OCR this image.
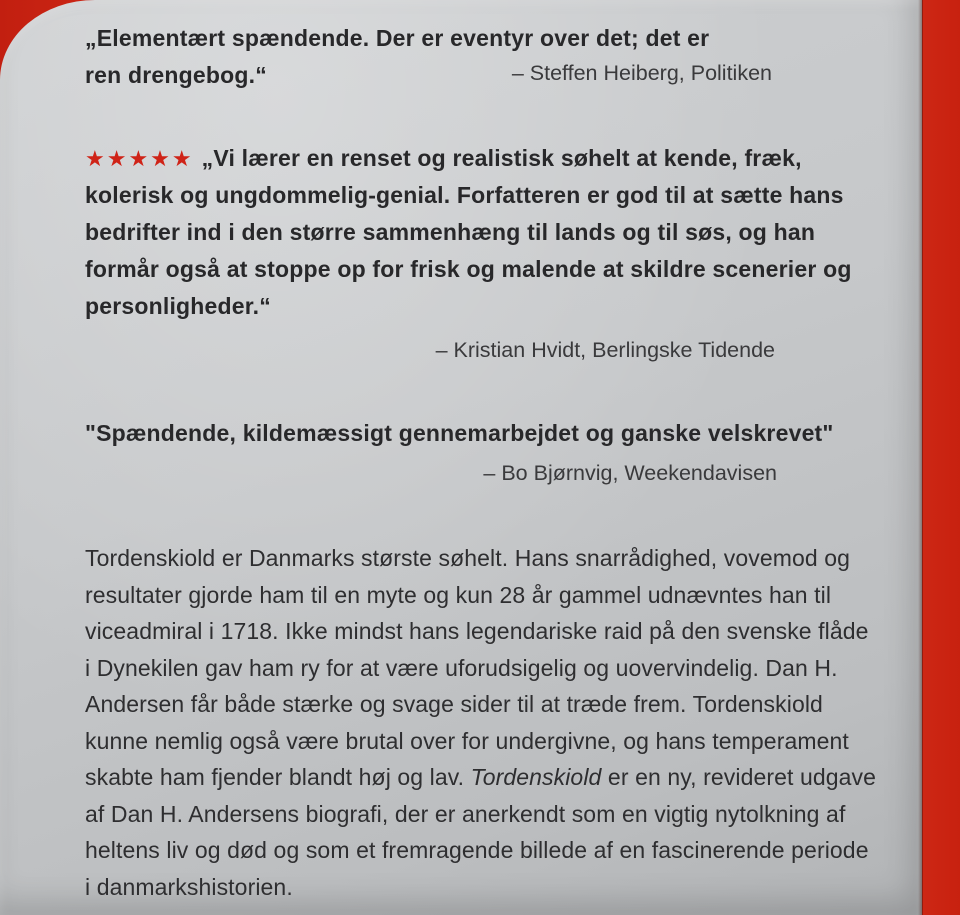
„Elementært spændende. Der er eventyr over det; det er ren drengebog.“	– Steffen Heiberg, Politiken
★★★★★ „Vi lærer en renset og realistisk søhelt at kende, fræk, kolerisk og ungdommelig-genial. Forfatteren er god til at sætte hans bedrifter ind i den større sammenhæng til lands og til søs, og han formår også at stoppe op for frisk og malende at skildre scenerier og personligheder.“
– Kristian Hvidt, Berlingske Tidende
"Spændende, kildemæssigt gennemarbejdet og ganske velskrevet"
– Bo Bjørnvig, Weekendavisen
Tordenskiold er Danmarks største søhelt. Hans snarrådighed, vovemod og resultater gjorde ham til en myte og kun 28 år gammel udnævntes han til viceadmiral i 1718. Ikke mindst hans legendariske raid på den svenske flåde i Dynekilen gav ham ry for at være uforudsigelig og uovervindelig. Dan H. Andersen får både stærke og svage sider til at træde frem. Tordenskiold kunne nemlig også være brutal over for undergivne, og hans temperament skabte ham fjender blandt høj og lav. Tordenskiold er en ny, revideret udgave af Dan H. Andersens biografi, der er anerkendt som en vigtig nytolkning af heltens liv og død og som et fremragende billede af en fascinerende periode i danmarkshistorien.
